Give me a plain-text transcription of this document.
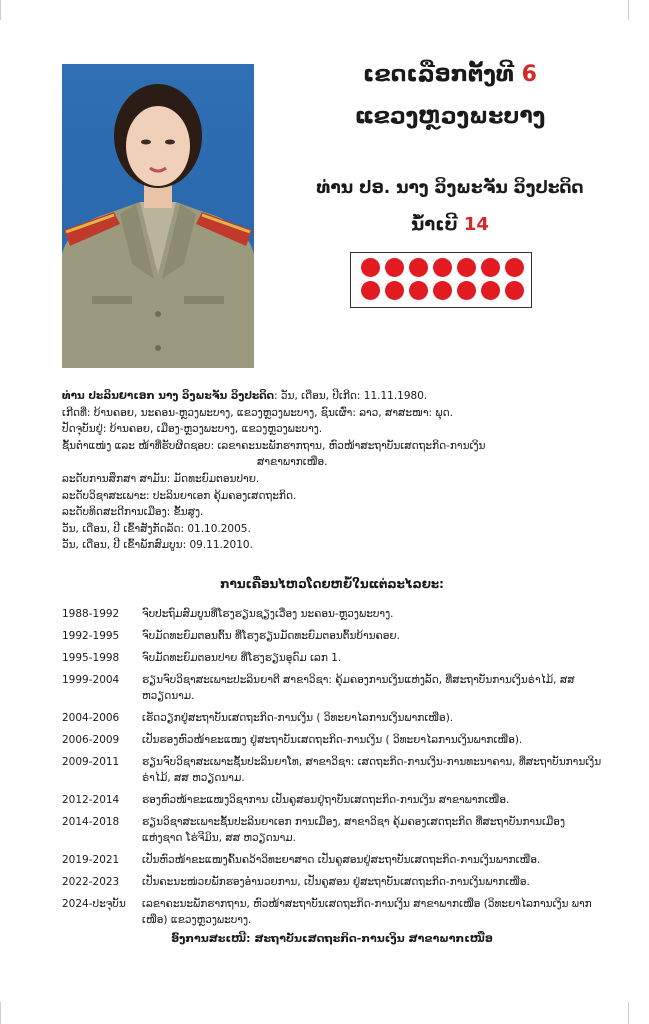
ເຂດເລືອກຕັ້ງທີ 6
ແຂວງຫຼວງພະບາງ
ທ່ານ ປອ. ນາງ ວິງພະຈັນ ວິງປະດິດ
ນໍ້າເບີ 14
ທ່ານ ປະລິນຍາເອກ ນາງ ວິງພະຈັນ ວິງປະດິດ: ວັນ, ເດືອນ, ປີເກີດ: 11.11.1980.
ເກີດທີ່: ບ້ານຄອຍ, ນະຄອນ-ຫຼວງພະບາງ, ແຂວງຫຼວງພະບາງ, ຊົນເຜົ່າ: ລາວ, ສາສະໜາ: ພຸດ.
ປັດຈຸບັນຢູ່: ບ້ານຄອຍ, ເມືອງ-ຫຼວງພະບາງ, ແຂວງຫຼວງພະບາງ.
ຊັ້ນຕໍາແໜ່ງ ແລະ ໜ້າທີ່ຮັບຜິດຊອບ: ເລຂາຄະນະພັກຮາກຖານ, ຫົວໜ້າສະຖາບັນເສດຖະກິດ-ການເງິນ
ສາຂາພາກເໜືອ.
ລະດັບການສຶກສາ ສາມັນ: ມັດທະຍົມຕອນປາຍ.
ລະດັບວິຊາສະເພາະ: ປະລິນຍາເອກ ຄຸ້ມຄອງເສດຖະກິດ.
ລະດັບທິດສະດີການເມືອງ: ຂັ້ນສູງ.
ວັນ, ເດືອນ, ປີ ເຂົ້າສັງກັດລັດ: 01.10.2005.
ວັນ, ເດືອນ, ປີ ເຂົ້າພັກສົມບູນ: 09.11.2010.
ການເຄື່ອນໄຫວໂດຍຫຍໍ້ໃນແຕ່ລະໄລຍະ:
1988-1992	ຈົບປະຖົມສົມບູນທີ່ໂຮງຮຽນຊຽງເວື່ອງ ນະຄອນ-ຫຼວງພະບາງ.
1992-1995	ຈົບມັດທະຍົມຕອນຕົ້ນ ທີ່ໂຮງຮຽນມັດທະຍົມຕອນຕົ້ນບ້ານຄອຍ.
1995-1998	ຈົບມັດທະຍົມຕອນປາຍ ທີ່ໂຮງຮຽນອຸດົມ ເລກ 1.
1999-2004	ຮຽນຈົບວິຊາສະເພາະປະລິນຍາຕີ ສາຂາວິຊາ: ຄຸ້ມຄອງການເງິນແຫ່ງລັດ, ທີ່ສະຖາບັນການເງິນຣ່າໄມ້, ສສ ຫວຽດນາມ.
2004-2006	ເຮັດວຽກຢູ່ສະຖາບັນເສດຖະກິດ-ການເງິນ ( ວິທະຍາໄລການເງິນພາກເໜືອ).
2006-2009	ເປັນຮອງຫົວໜ້າຂະແໜງ ຢູ່ສະຖາບັນເສດຖະກິດ-ການເງິນ ( ວິທະຍາໄລການເງິນພາກເໜືອ).
2009-2011	ຮຽນຈົບວິຊາສະເພາະຊັ້ນປະລິນຍາໂທ, ສາຂາວິຊາ: ເສດຖະກິດ-ການເງິນ-ການທະນາຄານ, ທີ່ສະຖາບັນການເງິນຣ່າໄມ້, ສສ ຫວຽດນາມ.
2012-2014	ຮອງຫົວໜ້າຂະແໜງວິຊາການ ເປັນຄູສອນຢູ່ຖາບັນເສດຖະກິດ-ການເງິນ ສາຂາພາກເໜືອ.
2014-2018	ຮຽນວິຊາສະເພາະຊັ້ນປະລິນຍາເອກ ການເມືອງ, ສາຂາວິຊາ ຄຸ້ມຄອງເສດຖະກິດ ທີ່ສະຖາບັນການເມືອງແຫ່ງຊາດ ໂຮ່ຈີມິນ, ສສ ຫວຽດນາມ.
2019-2021	ເປັນຫົວໜ້າຂະແໜງຄົ້ນຄວ້າວິທະຍາສາດ ເປັນຄູສອນຢູ່ສະຖາບັນເສດຖະກິດ-ການເງິນພາກເໜືອ.
2022-2023	ເປັນຄະນະໜ່ວຍພັກຮອງອໍານວຍການ, ເປັນຄູສອນ ຢູ່ສະຖາບັນເສດຖະກິດ-ການເງິນພາກເໜືອ.
2024-ປະຈຸບັນ	ເລຂາຄະນະພັກຮາກຖານ, ຫົວໜ້າສະຖາບັນເສດຖະກິດ-ການເງິນ ສາຂາພາກເໜືອ (ວິທະຍາໄລການເງິນ ພາກເໜືອ) ແຂວງຫຼວງພະບາງ.
ອົງການສະເໜີ: ສະຖາບັນເສດຖະກິດ-ການເງິນ ສາຂາພາກເໜືອ
